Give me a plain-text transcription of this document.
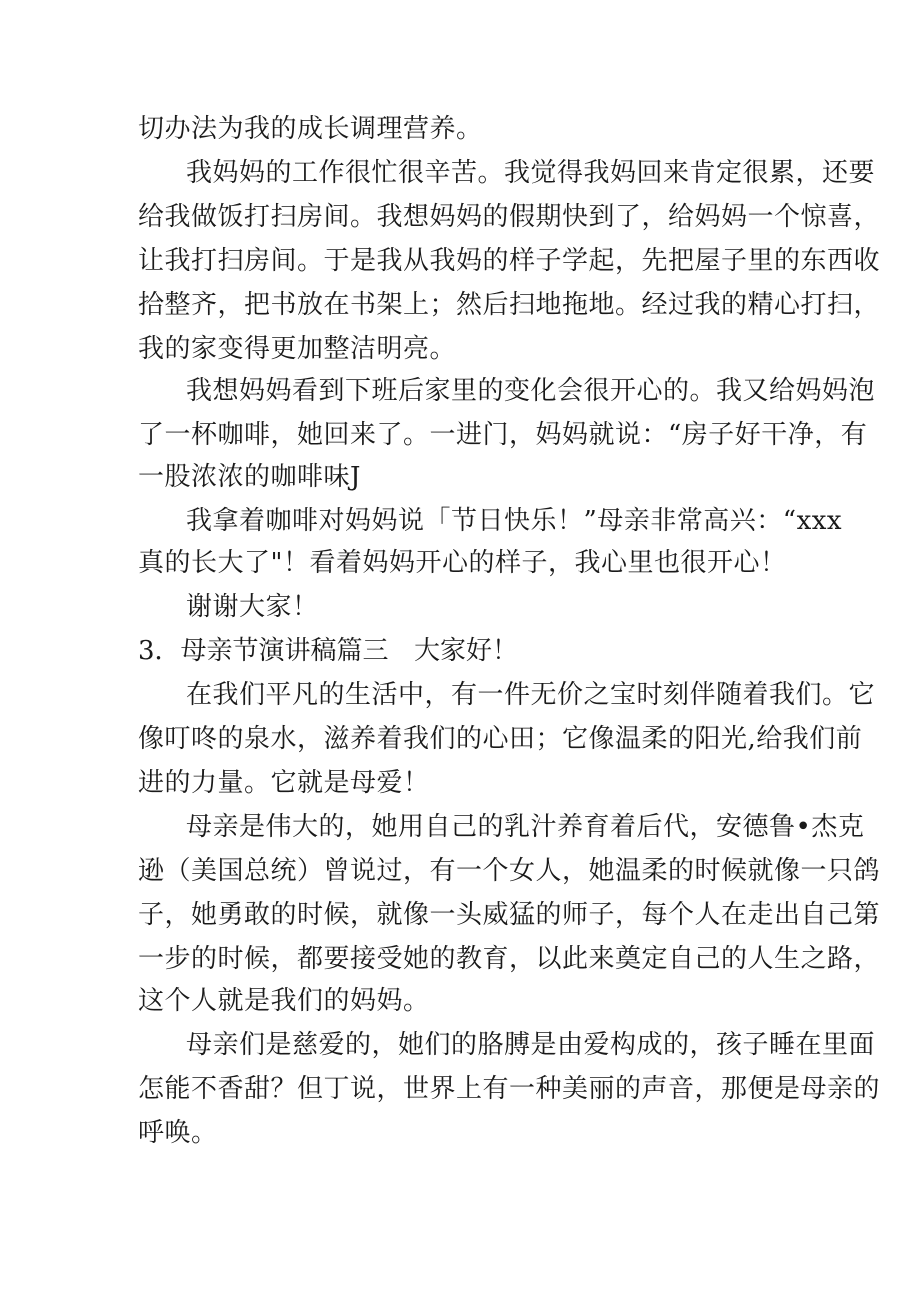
切办法为我的成长调理营养。
我妈妈的工作很忙很辛苦。我觉得我妈回来肯定很累，还要
给我做饭打扫房间。我想妈妈的假期快到了，给妈妈一个惊喜，
让我打扫房间。于是我从我妈的样子学起，先把屋子里的东西收
拾整齐，把书放在书架上；然后扫地拖地。经过我的精心打扫，
我的家变得更加整洁明亮。
我想妈妈看到下班后家里的变化会很开心的。我又给妈妈泡
了一杯咖啡，她回来了。一进门，妈妈就说：“房子好干净，有
一股浓浓的咖啡味J
我拿着咖啡对妈妈说「节日快乐！”母亲非常高兴：“xxx
真的长大了"！看着妈妈开心的样子，我心里也很开心！
谢谢大家！
3．母亲节演讲稿篇三 大家好！
在我们平凡的生活中，有一件无价之宝时刻伴随着我们。它
像叮咚的泉水，滋养着我们的心田；它像温柔的阳光,给我们前
进的力量。它就是母爱！
母亲是伟大的，她用自己的乳汁养育着后代，安德鲁•杰克
逊（美国总统）曾说过，有一个女人，她温柔的时候就像一只鸽
子，她勇敢的时候，就像一头威猛的师子，每个人在走出自己第
一步的时候，都要接受她的教育，以此来奠定自己的人生之路，
这个人就是我们的妈妈。
母亲们是慈爱的，她们的胳膊是由爱构成的，孩子睡在里面
怎能不香甜？但丁说，世界上有一种美丽的声音，那便是母亲的
呼唤。
